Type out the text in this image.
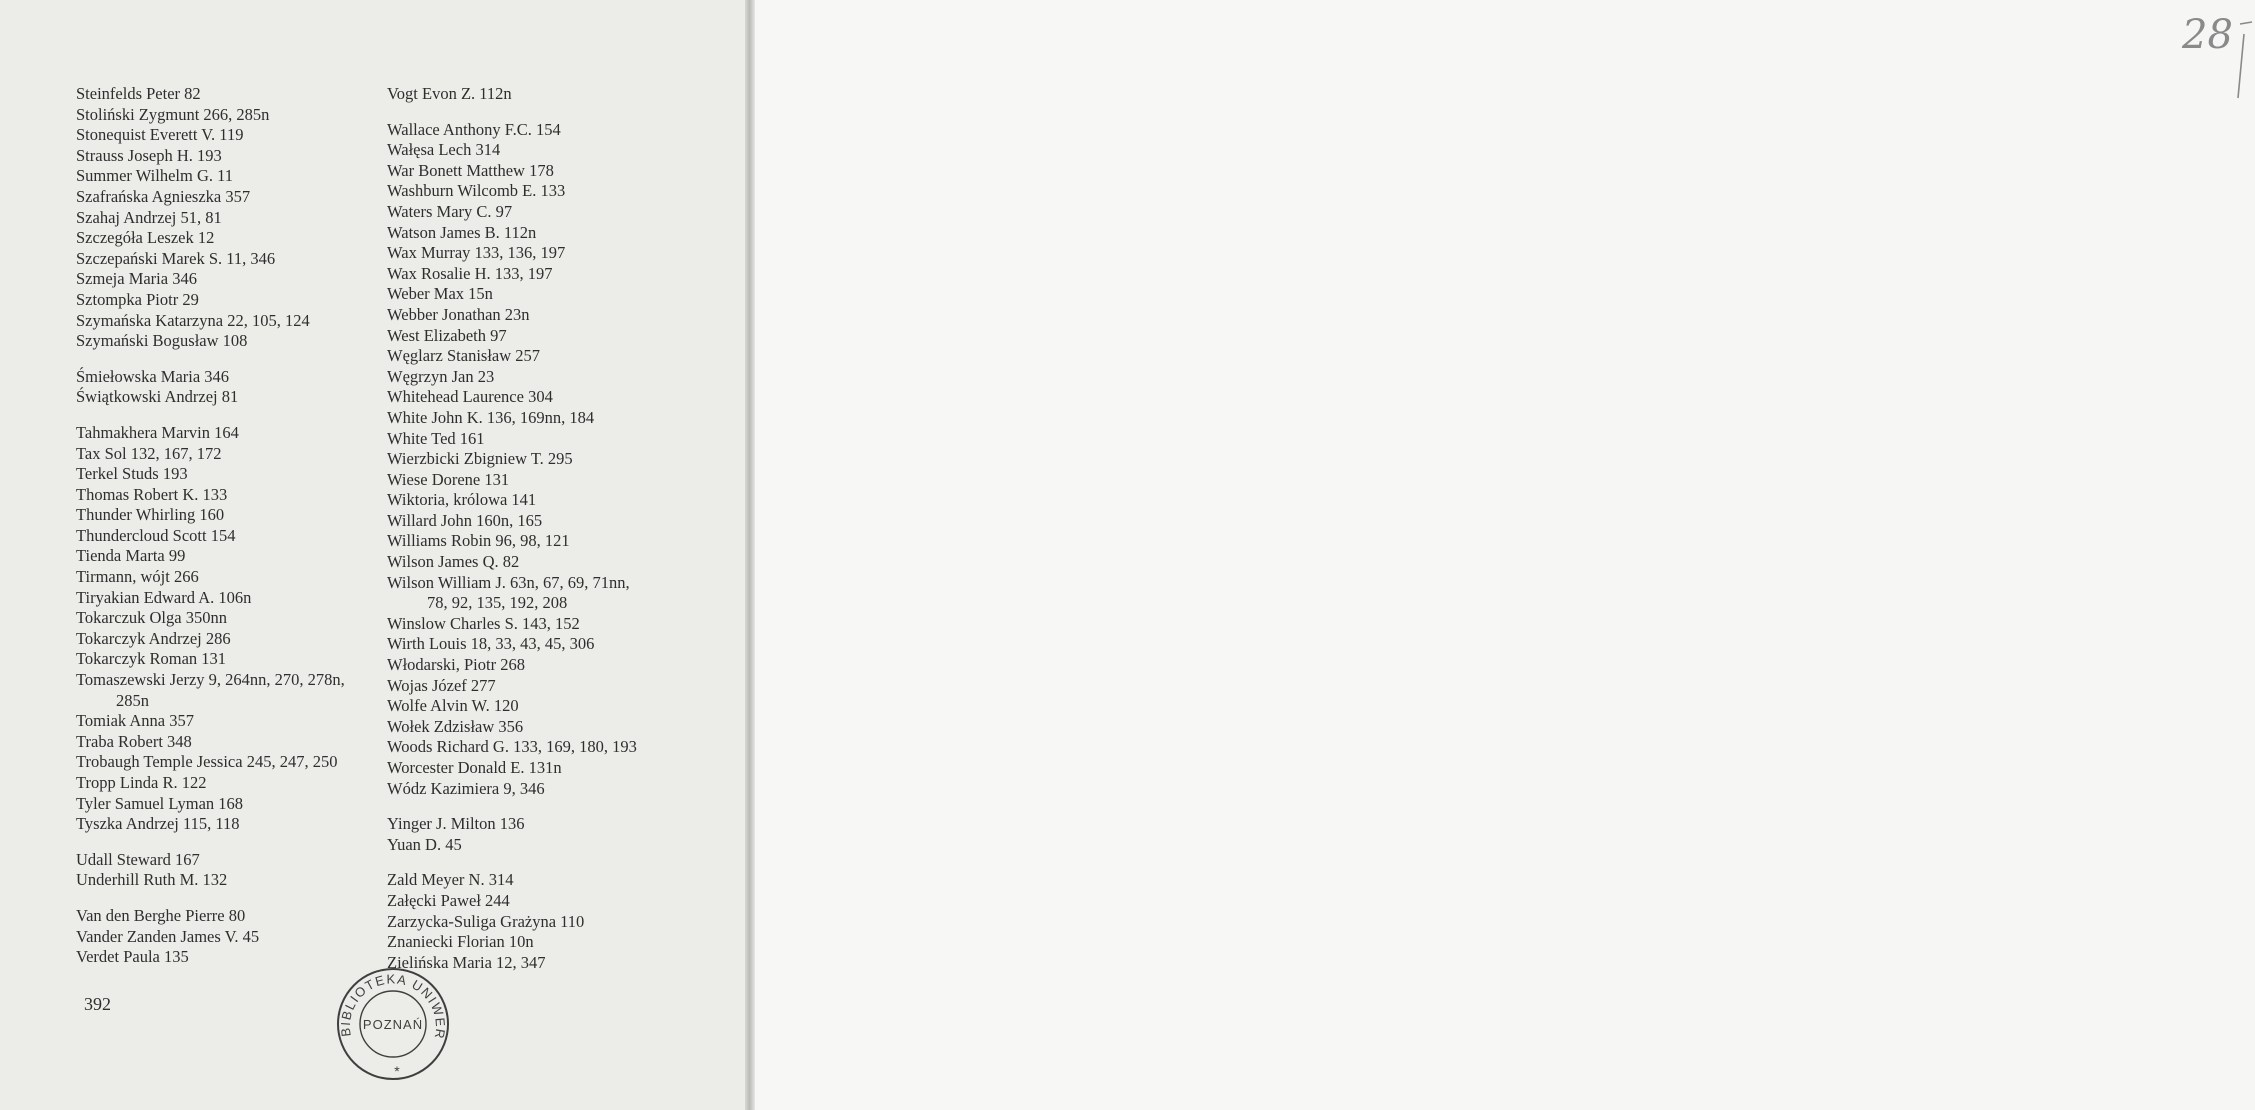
Steinfelds Peter 82
Stoliński Zygmunt 266, 285n
Stonequist Everett V. 119
Strauss Joseph H. 193
Summer Wilhelm G. 11
Szafrańska Agnieszka 357
Szahaj Andrzej 51, 81
Szczegóła Leszek 12
Szczepański Marek S. 11, 346
Szmeja Maria 346
Sztompka Piotr 29
Szymańska Katarzyna 22, 105, 124
Szymański Bogusław 108
Śmiełowska Maria 346
Świątkowski Andrzej 81
Tahmakhera Marvin 164
Tax Sol 132, 167, 172
Terkel Studs 193
Thomas Robert K. 133
Thunder Whirling 160
Thundercloud Scott 154
Tienda Marta 99
Tirmann, wójt 266
Tiryakian Edward A. 106n
Tokarczuk Olga 350nn
Tokarczyk Andrzej 286
Tokarczyk Roman 131
Tomaszewski Jerzy 9, 264nn, 270, 278n,
285n
Tomiak Anna 357
Traba Robert 348
Trobaugh Temple Jessica 245, 247, 250
Tropp Linda R. 122
Tyler Samuel Lyman 168
Tyszka Andrzej 115, 118
Udall Steward 167
Underhill Ruth M. 132
Van den Berghe Pierre 80
Vander Zanden James V. 45
Verdet Paula 135
Vogt Evon Z. 112n
Wallace Anthony F.C. 154
Wałęsa Lech 314
War Bonett Matthew 178
Washburn Wilcomb E. 133
Waters Mary C. 97
Watson James B. 112n
Wax Murray 133, 136, 197
Wax Rosalie H. 133, 197
Weber Max 15n
Webber Jonathan 23n
West Elizabeth 97
Węglarz Stanisław 257
Węgrzyn Jan 23
Whitehead Laurence 304
White John K. 136, 169nn, 184
White Ted 161
Wierzbicki Zbigniew T. 295
Wiese Dorene 131
Wiktoria, królowa 141
Willard John 160n, 165
Williams Robin 96, 98, 121
Wilson James Q. 82
Wilson William J. 63n, 67, 69, 71nn,
78, 92, 135, 192, 208
Winslow Charles S. 143, 152
Wirth Louis 18, 33, 43, 45, 306
Włodarski, Piotr 268
Wojas Józef 277
Wolfe Alvin W. 120
Wołek Zdzisław 356
Woods Richard G. 133, 169, 180, 193
Worcester Donald E. 131n
Wódz Kazimiera 9, 346
Yinger J. Milton 136
Yuan D. 45
Zald Meyer N. 314
Załęcki Paweł 244
Zarzycka-Suliga Grażyna 110
Znaniecki Florian 10n
Zielińska Maria 12, 347
392
BIBLIOTEKA UNIWER
POZNAŃ
*
28
